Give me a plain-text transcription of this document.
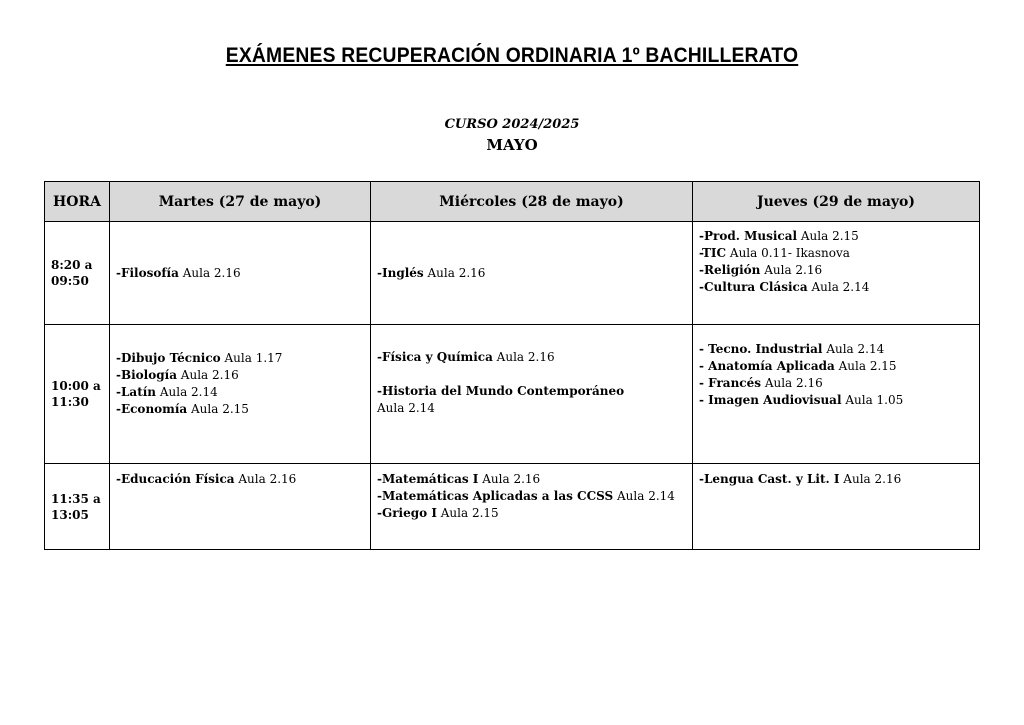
EXÁMENES RECUPERACIÓN ORDINARIA 1º BACHILLERATO
CURSO 2024/2025
MAYO
HORA	Martes (27 de mayo)	Miércoles (28 de mayo)	Jueves (29 de mayo)

8:20 a
09:50	-Filosofía Aula 2.16	-Inglés Aula 2.16	-Prod. Musical Aula 2.15
-TIC Aula 0.11- Ikasnova
-Religión Aula 2.16
-Cultura Clásica Aula 2.14

10:00 a
11:30	-Dibujo Técnico Aula 1.17
-Biología Aula 2.16
-Latín Aula 2.14
-Economía Aula 2.15	-Física y Química Aula 2.16
-Historia del Mundo Contemporáneo
Aula 2.14	- Tecno. Industrial Aula 2.14
- Anatomía Aplicada Aula 2.15
- Francés Aula 2.16
- Imagen Audiovisual Aula 1.05

11:35 a
13:05	-Educación Física Aula 2.16	-Matemáticas I Aula 2.16
-Matemáticas Aplicadas a las CCSS Aula 2.14
-Griego I Aula 2.15	-Lengua Cast. y Lit. I Aula 2.16
